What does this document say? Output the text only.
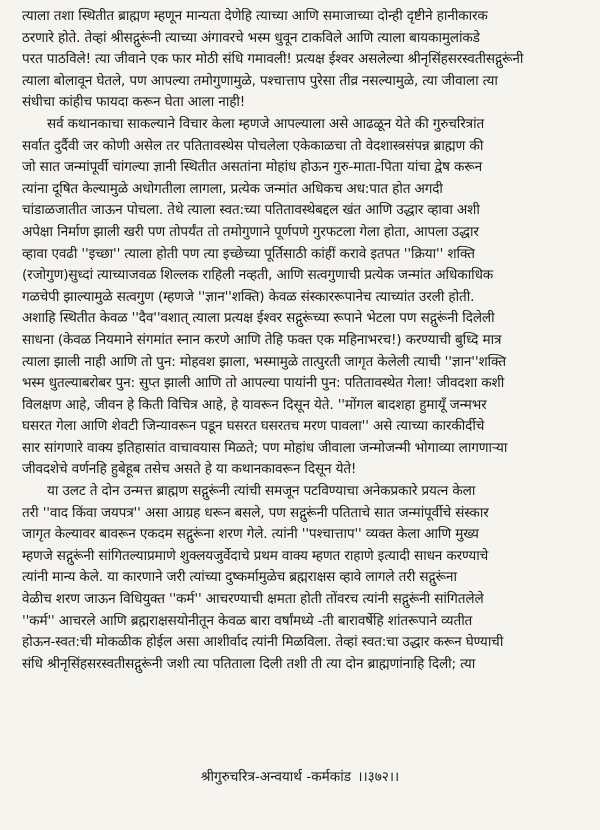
त्याला तशा स्थितीत ब्राह्मण म्हणून मान्यता देणेहि त्याच्या आणि समाजाच्या दोन्ही दृष्टीने हानीकारक
ठरणारे होते. तेव्हां श्रीसद्गुरूंनी त्याच्या अंगावरचे भस्म धुवून टाकविले आणि त्याला बायकामुलांकडे
परत पाठविले! त्या जीवाने एक फार मोठी संधि गमावली! प्रत्यक्ष ईश्वर असलेल्या श्रीनृसिंहसरस्वतीसद्गुरूंनी
त्याला बोलावून घेतले, पण आपल्या तमोगुणामुळे, पश्चात्ताप पुरेसा तीव्र नसल्यामुळे, त्या जीवाला त्या
संधीचा कांहीच फायदा करून घेता आला नाही!
सर्व कथानकाचा साकल्याने विचार केला म्हणजे आपल्याला असे आढळून येते की गुरुचरित्रांत
सर्वात दुर्दैवी जर कोणी असेल तर पतितावस्थेस पोचलेला एकेकाळचा तो वेदशास्त्रसंपन्न ब्राह्मण की
जो सात जन्मांपूर्वी चांगल्या ज्ञानी स्थितीत असतांना मोहांध होऊन गुरु-माता-पिता यांचा द्वेष करून
त्यांना दूषित केल्यामुळे अधोगतीला लागला, प्रत्येक जन्मांत अधिकच अध:पात होत अगदी
चांडाळजातीत जाऊन पोचला. तेथे त्याला स्वत:च्या पतितावस्थेबद्दल खंत आणि उद्धार व्हावा अशी
अपेक्षा निर्माण झाली खरी पण तोपर्यंत तो तमोगुणाने पूर्णपणे गुरफटला गेला होता, आपला उद्धार
व्हावा एवढी ''इच्छा'' त्याला होती पण त्या इच्छेच्या पूर्तिसाठी कांहीं करावे इतपत ''क्रिया'' शक्ति
(रजोगुण)सुध्दां त्याच्याजवळ शिल्लक राहिली नव्हती, आणि सत्वगुणाची प्रत्येक जन्मांत अधिकाधिक
गळचेपी झाल्यामुळे सत्वगुण (म्हणजे ''ज्ञान''शक्ति) केवळ संस्काररूपानेच त्याच्यांत उरली होती.
अशाहि स्थितीत केवळ ''दैव''वशात् त्याला प्रत्यक्ष ईश्वर सद्गुरूंच्या रूपाने भेटला पण सद्गुरूंनी दिलेली
साधना (केवळ नियमाने संगमांत स्नान करणे आणि तेहि फक्त एक महिनाभरच!) करण्याची बुध्दि मात्र
त्याला झाली नाही आणि तो पुन: मोहवश झाला, भस्मामुळे तात्पुरती जागृत केलेली त्याची ''ज्ञान''शक्ति
भस्म धुतल्याबरोबर पुन: सुप्त झाली आणि तो आपल्या पायांनी पुन: पतितावस्थेत गेला! जीवदशा कशी
विलक्षण आहे, जीवन हे किती विचित्र आहे, हे यावरून दिसून येते. ''मोंगल बादशहा हुमायूँ जन्मभर
घसरत गेला आणि शेवटी जिन्यावरून पडून घसरत घसरतच मरण पावला'' असे त्याच्या कारकीर्दीचे
सार सांगणारे वाक्य इतिहासांत वाचावयास मिळते; पण मोहांध जीवाला जन्मोजन्मी भोगाव्या लागणाऱ्या
जीवदशेचे वर्णनहि हुबेहूब तसेच असते हे या कथानकावरून दिसून येते!
या उलट ते दोन उन्मत्त ब्राह्मण सद्गुरूंनी त्यांची समजून पटविण्याचा अनेकप्रकारे प्रयत्न केला
तरी ''वाद किंवा जयपत्र'' असा आग्रह धरून बसले, पण सद्गुरूंनी पतिताचे सात जन्मांपूर्वीचे संस्कार
जागृत केल्यावर बावरून एकदम सद्गुरूंना शरण गेले. त्यांनी ''पश्चात्ताप'' व्यक्त केला आणि मुख्य
म्हणजे सद्गुरूंनी सांगितल्याप्रमाणे शुक्लयजुर्वेदाचे प्रथम वाक्य म्हणत राहाणे इत्यादी साधन करण्याचे
त्यांनी मान्य केले. या कारणाने जरी त्यांच्या दुष्कर्मामुळेच ब्रह्मराक्षस व्हावे लागले तरी सद्गुरूंना
वेळीच शरण जाऊन विधियुक्त ''कर्म'' आचरण्याची क्षमता होती तोंवरच त्यांनी सद्गुरूंनी सांगितलेले
''कर्म'' आचरले आणि ब्रह्मराक्षसयोनीतून केवळ बारा वर्षांमध्ये -ती बारावर्षेहि शांतरूपाने व्यतीत
होऊन-स्वत:ची मोकळीक होईल असा आशीर्वाद त्यांनी मिळविला. तेव्हां स्वत:चा उद्धार करून घेण्याची
संधि श्रीनृसिंहसरस्वतीसद्गुरूंनी जशी त्या पतिताला दिली तशी ती त्या दोन ब्राह्मणांनाहि दिली; त्या
श्रीगुरुचरित्र-अन्वयार्थ -कर्मकांड ।।३७२।।
